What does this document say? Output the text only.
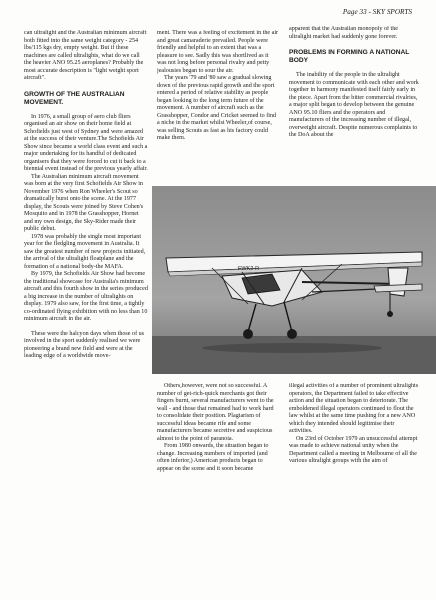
Page 33 - SKY SPORTS

can ultralight and the Australian minimum aircraft both fitted into the same weight category - 254 lbs/115 kgs dry, empty weight. But if these machines are called ultralights, what do we call the heavier ANO 95.25 aeroplanes? Probably the most accurate description is "light weight sport aircraft".

GROWTH OF THE AUSTRALIAN MOVEMENT.

In 1976, a small group of aero club fliers organised an air show on their home field at Schofields just west of Sydney and were amazed at the success of their venture.The Schofields Air Show since became a world class event and such a major undertaking for its handful of dedicated organisers that they were forced to cut it back to a biennial event instead of the previous yearly affair.

The Australian minimum aircraft movement was born at the very first Schofields Air Show in November 1976 when Ron Wheeler's Scout so dramatically burst onto the scene. At the 1977 display, the Scouts were joined by Steve Cohen's Mosquito and in 1978 the Grasshopper, Hornet and my own design, the Sky-Rider made their public debut.

1978 was probably the single most important year for the fledgling movement in Australia. It saw the greatest number of new projects initiated, the arrival of the ultralight floatplane and the formation of a national body-the MAFA.

By 1979, the Schofields Air Show had become the traditional showcase for Australia's minimum aircraft and this fourth show in the series produced a big increase in the number of ultralights on display. 1979 also saw, for the first time, a tightly co-ordinated flying exhibition with no less than 10 minimum aircraft in the air.

These were the halcyon days when those of us involved in the sport suddenly realised we were pioneering a brand new field and were at the leading edge of a worldwide move-

ment. There was a feeling of excitement in the air and great camaraderie prevailed. People were friendly and helpful to an extent that was a pleasure to see. Sadly this was shortlived as it was not long before personal rivalry and petty jealousies began to sour the air.

The years '79 and '80 saw a gradual slowing down of the previous rapid growth and the sport entered a period of relative stability as people began looking to the long term future of the movement. A number of aircraft such as the Grasshopper, Condor and Cricket seemed to find a niche in the market whilst Wheeler,of course, was selling Scouts as fast as his factory could make them.

apparent that the Australian monopoly of the ultralight market had suddenly gone forever.

PROBLEMS IN FORMING A NATIONAL BODY

The inability of the people in the ultralight movement to communicate with each other and work together in harmony manifested itself fairly early in the piece. Apart from the bitter commercial rivalries, a major split began to develop between the genuine ANO 95.10 fliers and the operators and manufacturers of the increasing number of illegal, overweight aircraft. Despite numerous complaints to the DoA about the

FWK2-R

Others,however, were not so successful. A number of get-rich-quick merchants got their fingers burnt, several manufacturers went to the wall - and those that remained had to work hard to consolidate their position. Plagiarism of successful ideas became rife and some manufacturers became secretive and suspicious almost to the point of paranoia.

From 1980 onwards, the situation began to change. Increasing numbers of imported (and often inferior,) American products began to appear on the scene and it soon became

illegal activities of a number of prominent ultralights operators, the Department failed to take effective action and the situation began to deteriorate. The emboldened illegal operators continued to flout the law whilst at the same time pushing for a new ANO which they intended should legitimise their activities.

On 23rd of October 1979 an unsuccessful attempt was made to achieve national unity when the Department called a meeting in Melbourne of all the various ultralight groups with the aim of
